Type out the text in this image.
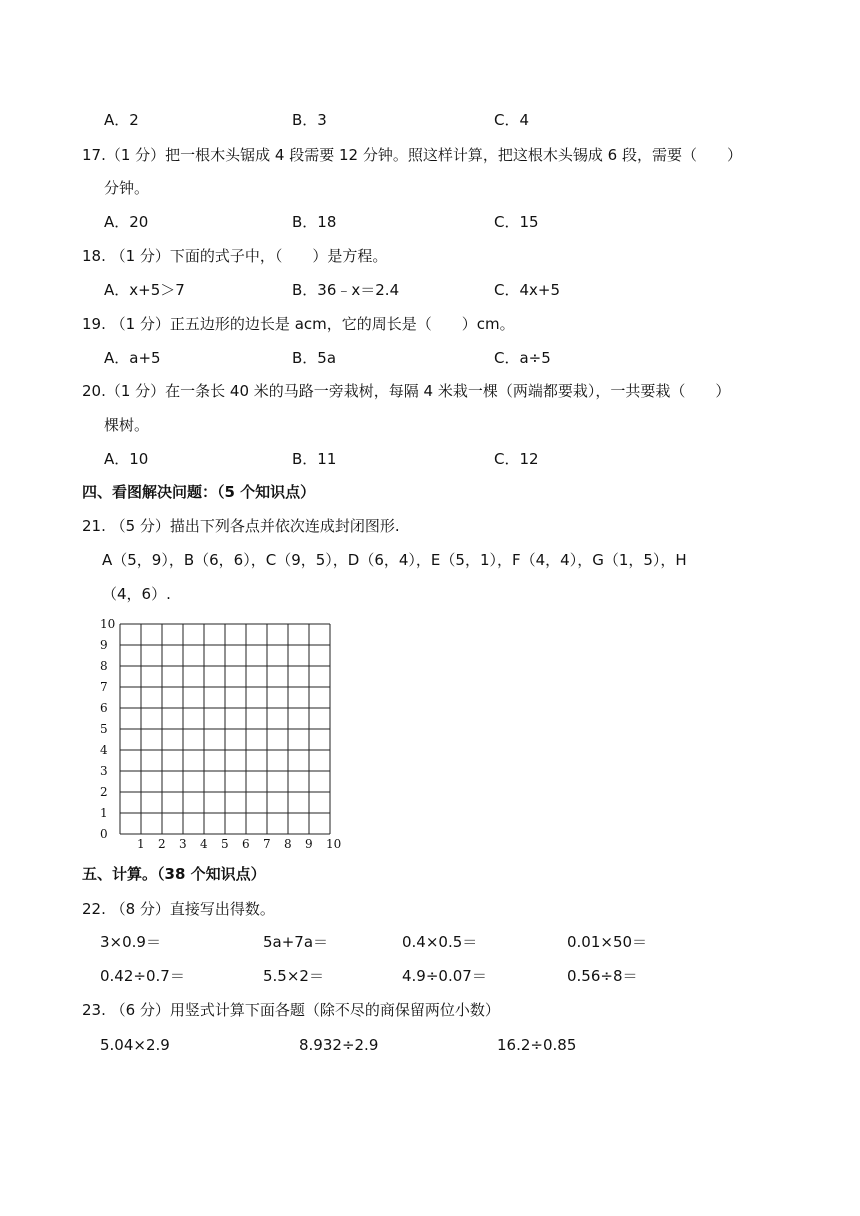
A．2	B．3	C．4
17.（1 分）把一根木头锯成 4 段需要 12 分钟。照这样计算，把这根木头锡成 6 段，需要（　　）
分钟。
A．20	B．18	C．15
18. （1 分）下面的式子中，（　　）是方程。
A．x+5＞7	B．36﹣x＝2.4	C．4x+5
19. （1 分）正五边形的边长是 acm，它的周长是（　　）cm。
A．a+5	B．5a	C．a÷5
20.（1 分）在一条长 40 米的马路一旁栽树，每隔 4 米栽一棵（两端都要栽），一共要栽（　　）
棵树。
A．10	B．11	C．12
四、看图解决问题：（5 个知识点）
21. （5 分）描出下列各点并依次连成封闭图形.
A（5，9），B（6，6），C（9，5），D（6，4），E（5，1），F（4，4），G（1，5），H
（4，6）.
0
1
2
3
4
5
6
7
8
9
10
1 2 3 4 5 6 7 8 9 10
五、计算。（38 个知识点）
22. （8 分）直接写出得数。
3×0.9＝	5a+7a＝	0.4×0.5＝	0.01×50＝
0.42÷0.7＝	5.5×2＝	4.9÷0.07＝	0.56÷8＝
23. （6 分）用竖式计算下面各题（除不尽的商保留两位小数）
5.04×2.9	8.932÷2.9	16.2÷0.85
